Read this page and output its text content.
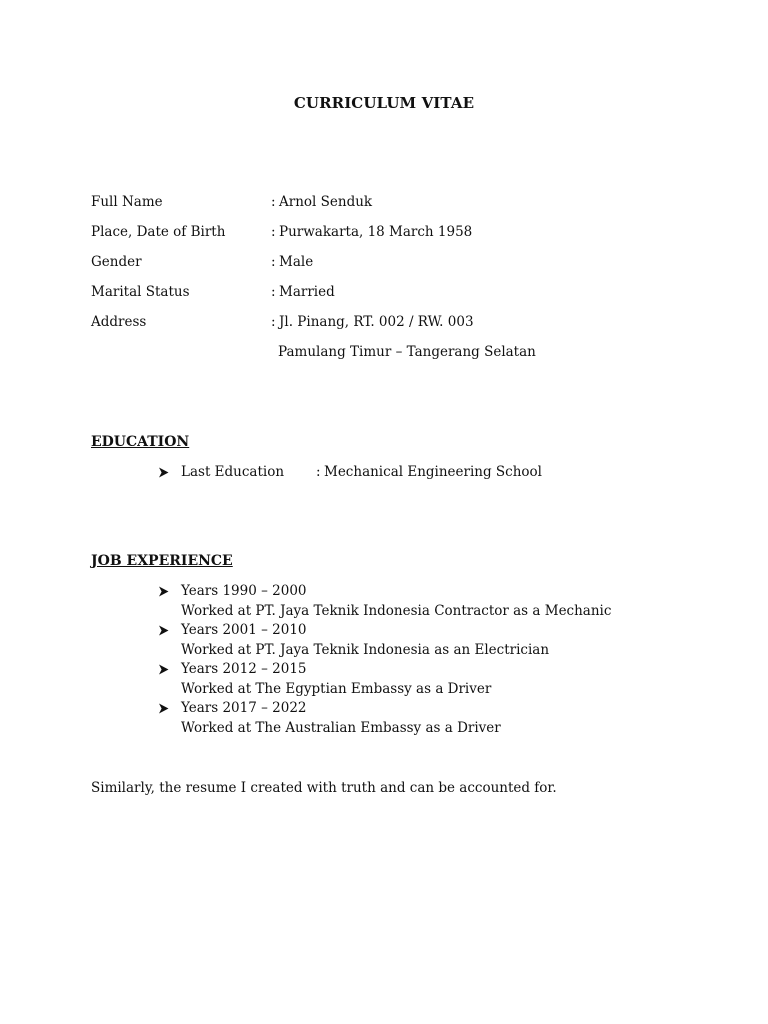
CURRICULUM VITAE
Full Name	: Arnol Senduk
Place, Date of Birth	: Purwakarta, 18 March 1958
Gender	: Male
Marital Status	: Married
Address	: Jl. Pinang, RT. 002 / RW. 003
Pamulang Timur – Tangerang Selatan
EDUCATION
Last Education : Mechanical Engineering School
JOB EXPERIENCE
Years 1990 – 2000
Worked at PT. Jaya Teknik Indonesia Contractor as a Mechanic
Years 2001 – 2010
Worked at PT. Jaya Teknik Indonesia as an Electrician
Years 2012 – 2015
Worked at The Egyptian Embassy as a Driver
Years 2017 – 2022
Worked at The Australian Embassy as a Driver
Similarly, the resume I created with truth and can be accounted for.
